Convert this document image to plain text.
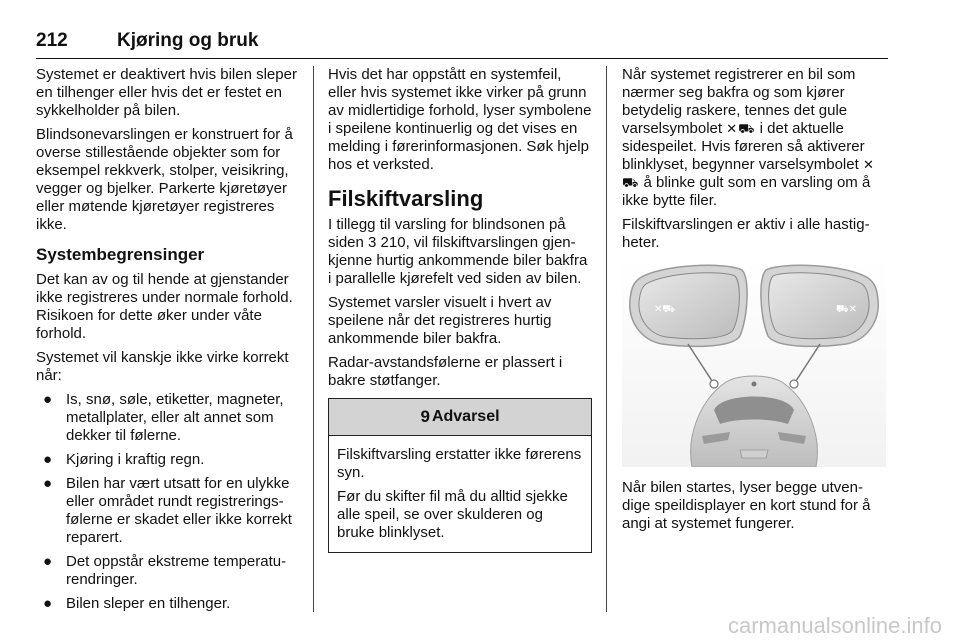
212	Kjøring og bruk

Systemet er deaktivert hvis bilen sleper en tilhenger eller hvis det er festet en sykkelholder på bilen.

Blindsonevarslingen er konstruert for å overse stillestående objekter som for eksempel rekkverk, stolper, veisikring, vegger og bjelker. Parkerte kjøretøyer eller møtende kjøretøyer registreres ikke.

Systembegrensinger

Det kan av og til hende at gjenstander ikke registreres under normale forhold. Risikoen for dette øker under våte forhold.

Systemet vil kanskje ikke virke korrekt når:

● Is, snø, søle, etiketter, magneter, metallplater, eller alt annet som dekker til følerne.
● Kjøring i kraftig regn.
● Bilen har vært utsatt for en ulykke eller området rundt registreringsfølerne er skadet eller ikke korrekt reparert.
● Det oppstår ekstreme temperaturendringer.
● Bilen sleper en tilhenger.

Hvis det har oppstått en systemfeil, eller hvis systemet ikke virker på grunn av midlertidige forhold, lyser symbolene i speilene kontinuerlig og det vises en melding i førerinformasjonen. Søk hjelp hos et verksted.

Filskiftvarsling

I tillegg til varsling for blindsonen på siden 3 210, vil filskiftvarslingen gjenkjenne hurtig ankommende biler bakfra i parallelle kjørefelt ved siden av bilen.

Systemet varsler visuelt i hvert av speilene når det registreres hurtig ankommende biler bakfra.

Radar-avstandsfølerne er plassert i bakre støtfanger.

9 Advarsel

Filskiftvarsling erstatter ikke førerens syn.

Før du skifter fil må du alltid sjekke alle speil, se over skulderen og bruke blinklyset.

Når systemet registrerer en bil som nærmer seg bakfra og som kjører betydelig raskere, tennes det gule varselsymbolet ✕⛟ i det aktuelle sidespeilet. Hvis føreren så aktiverer blinklyset, begynner varselsymbolet ✕⛟ å blinke gult som en varsling om å ikke bytte filer.

Filskiftvarslingen er aktiv i alle hastigheter.

✕⛟	⛟✕

Når bilen startes, lyser begge utvendige speildisplayer en kort stund for å angi at systemet fungerer.

carmanualsonline.info
